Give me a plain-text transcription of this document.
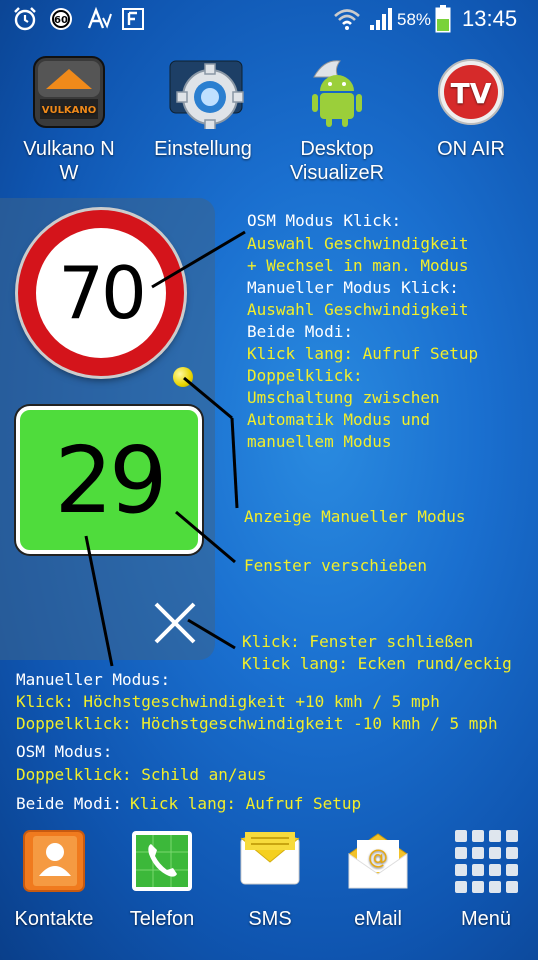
60	58% 13:45
VULKANO
Vulkano N
W
Einstellung	Desktop
VisualizeR
TV
ON AIR
70
29
OSM Modus Klick:
Auswahl Geschwindigkeit
+ Wechsel in man. Modus
Manueller Modus Klick:
Auswahl Geschwindigkeit
Beide Modi:
Klick lang: Aufruf Setup
Doppelklick:
Umschaltung zwischen
Automatik Modus und
manuellem Modus
Anzeige Manueller Modus
Fenster verschieben
Klick: Fenster schließen
Klick lang: Ecken rund/eckig
Manueller Modus:
Klick: Höchstgeschwindigkeit +10 kmh / 5 mph
Doppelklick: Höchstgeschwindigkeit -10 kmh / 5 mph
OSM Modus:
Doppelklick: Schild an/aus
Beide Modi: Klick lang: Aufruf Setup
Kontakte	Telefon	SMS
@
eMail	Menü
